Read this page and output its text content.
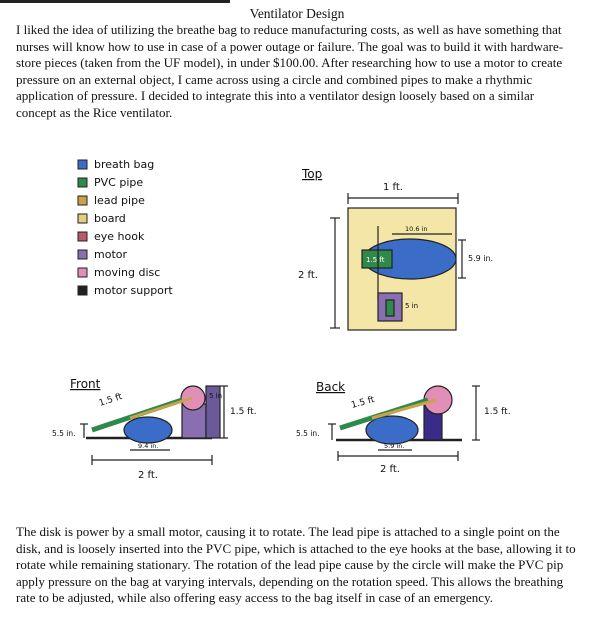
Ventilator Design

I liked the idea of utilizing the breathe bag to reduce manufacturing costs, as well as have something that nurses will know how to use in case of a power outage or failure. The goal was to build it with hardware-store pieces (taken from the UF model), in under $100.00. After researching how to use a motor to create pressure on an external object, I came across using a circle and combined pipes to make a rhythmic application of pressure. I decided to integrate this into a ventilator design loosely based on a similar concept as the Rice ventilator.

breath bag
PVC pipe
lead pipe
board
eye hook
motor
moving disc
motor support
Top
1 ft.
2 ft.
1.5 ft
10.6 in
5.9 in.
5 in
Front
1.5 ft
5.5 in.
5 in
1.5 ft.
9.4 in.
2 ft.
Back
1.5 ft
5.5 in.
5.9 in.
2 ft.
1.5 ft.

The disk is power by a small motor, causing it to rotate. The lead pipe is attached to a single point on the disk, and is loosely inserted into the PVC pipe, which is attached to the eye hooks at the base, allowing it to rotate while remaining stationary. The rotation of the lead pipe cause by the circle will make the PVC pip apply pressure on the bag at varying intervals, depending on the rotation speed. This allows the breathing rate to be adjusted, while also offering easy access to the bag itself in case of an emergency.
